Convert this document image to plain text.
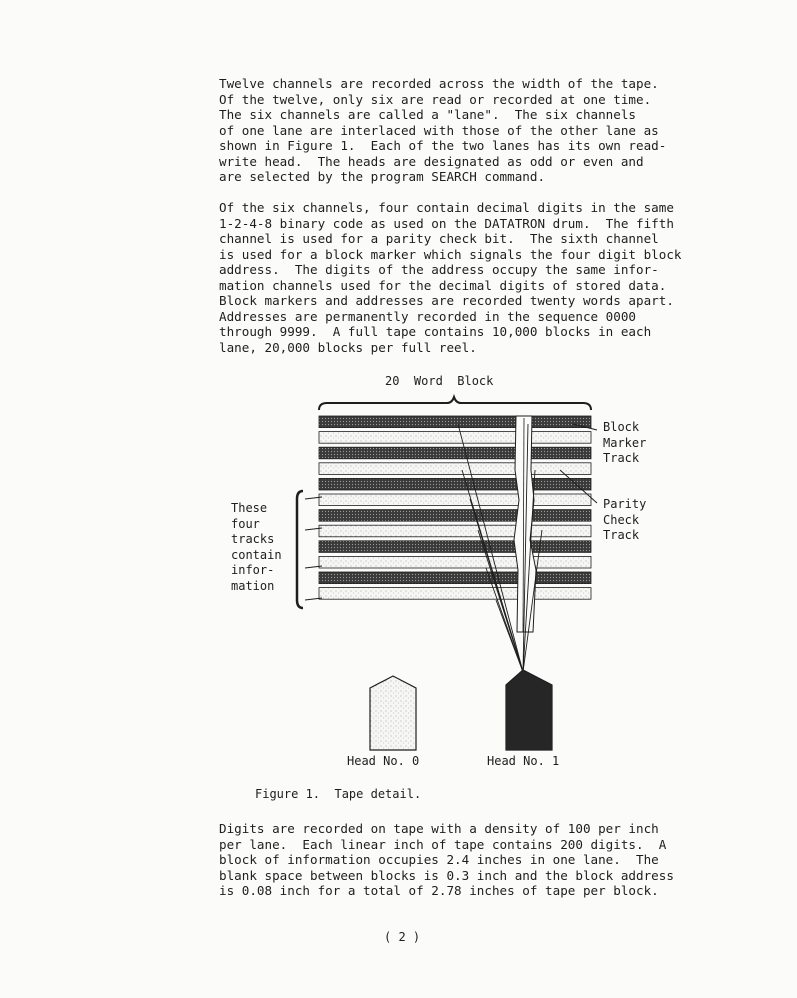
Twelve channels are recorded across the width of the tape.
Of the twelve, only six are read or recorded at one time.
The six channels are called a "lane".  The six channels
of one lane are interlaced with those of the other lane as
shown in Figure 1.  Each of the two lanes has its own read-
write head.  The heads are designated as odd or even and
are selected by the program SEARCH command.

Of the six channels, four contain decimal digits in the same
1-2-4-8 binary code as used on the DATATRON drum.  The fifth
channel is used for a parity check bit.  The sixth channel
is used for a block marker which signals the four digit block
address.  The digits of the address occupy the same infor-
mation channels used for the decimal digits of stored data.
Block markers and addresses are recorded twenty words apart.
Addresses are permanently recorded in the sequence 0000
through 9999.  A full tape contains 10,000 blocks in each
lane, 20,000 blocks per full reel.

20  Word  Block
Block
Marker
Track
Parity
Check
Track
These
four
tracks
contain
infor-
mation
Head No. 0	Head No. 1
Figure 1.  Tape detail.

Digits are recorded on tape with a density of 100 per inch
per lane.  Each linear inch of tape contains 200 digits.  A
block of information occupies 2.4 inches in one lane.  The
blank space between blocks is 0.3 inch and the block address
is 0.08 inch for a total of 2.78 inches of tape per block.

( 2 )
